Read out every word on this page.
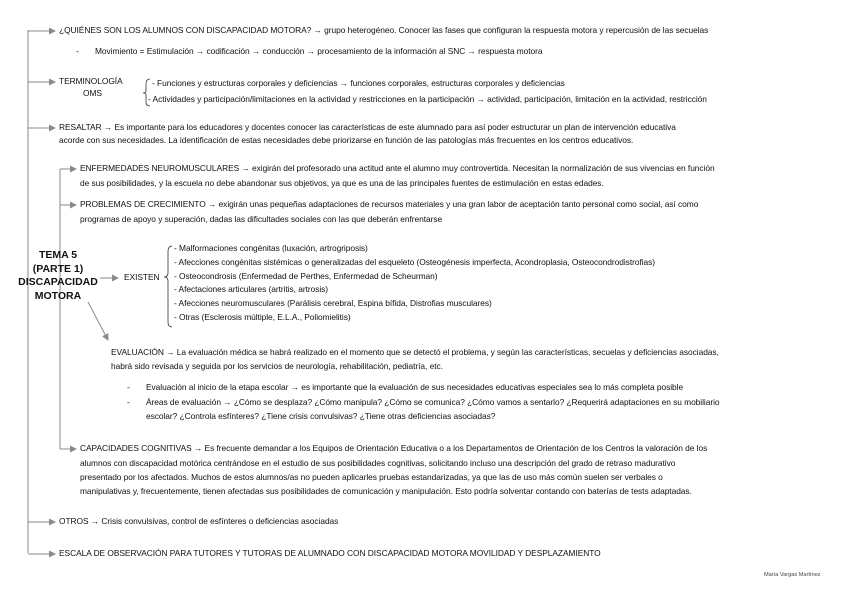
TEMA 5
(PARTE 1)
DISCAPACIDAD
MOTORA
¿QUIÉNES SON LOS ALUMNOS CON DISCAPACIDAD MOTORA? → grupo heterogéneo. Conocer las fases que configuran la respuesta motora y repercusión de las secuelas
- Movimiento = Estimulación → codificación → conducción → procesamiento de la información al SNC → respuesta motora
TERMINOLOGÍA
OMS
- Funciones y estructuras corporales y deficiencias → funciones corporales, estructuras corporales y deficiencias
- Actividades y participación/limitaciones en la actividad y restricciones en la participación → actividad, participación, limitación en la actividad, restricción
RESALTAR → Es importante para los educadores y docentes conocer las características de este alumnado para así poder estructurar un plan de intervención educativa
acorde con sus necesidades. La identificación de estas necesidades debe priorizarse en función de las patologías más frecuentes en los centros educativos.
ENFERMEDADES NEUROMUSCULARES → exigirán del profesorado una actitud ante el alumno muy controvertida. Necesitan la normalización de sus vivencias en función
de sus posibilidades, y la escuela no debe abandonar sus objetivos, ya que es una de las principales fuentes de estimulación en estas edades.
PROBLEMAS DE CRECIMIENTO → exigirán unas pequeñas adaptaciones de recursos materiales y una gran labor de aceptación tanto personal como social, así como
programas de apoyo y superación, dadas las dificultades sociales con las que deberán enfrentarse
EXISTEN
- Malformaciones congénitas (luxación, artrogriposis)
- Afecciones congénitas sistémicas o generalizadas del esqueleto (Osteogénesis imperfecta, Acondroplasia, Osteocondrodistrofias)
- Osteocondrosis (Enfermedad de Perthes, Enfermedad de Scheurman)
- Afectaciones articulares (artritis, artrosis)
- Afecciones neuromusculares (Parálisis cerebral, Espina bífida, Distrofias musculares)
- Otras (Esclerosis múltiple, E.L.A., Poliomielitis)
EVALUACIÓN → La evaluación médica se habrá realizado en el momento que se detectó el problema, y según las características, secuelas y deficiencias asociadas,
habrá sido revisada y seguida por los servicios de neurología, rehabilitación, pediatría, etc.
- Evaluación al inicio de la etapa escolar → es importante que la evaluación de sus necesidades educativas especiales sea lo más completa posible
- Áreas de evaluación → ¿Cómo se desplaza? ¿Cómo manipula? ¿Cómo se comunica? ¿Cómo vamos a sentarlo? ¿Requerirá adaptaciones en su mobiliario
escolar? ¿Controla esfínteres? ¿Tiene crisis convulsivas? ¿Tiene otras deficiencias asociadas?
CAPACIDADES COGNITIVAS → Es frecuente demandar a los Equipos de Orientación Educativa o a los Departamentos de Orientación de los Centros la valoración de los
alumnos con discapacidad motórica centrándose en el estudio de sus posibilidades cognitivas, solicitando incluso una descripción del grado de retraso madurativo
presentado por los afectados. Muchos de estos alumnos/as no pueden aplicarles pruebas estandarizadas, ya que las de uso más común suelen ser verbales o
manipulativas y, frecuentemente, tienen afectadas sus posibilidades de comunicación y manipulación. Esto podría solventar contando con baterías de tests adaptadas.
OTROS → Crisis convulsivas, control de esfínteres o deficiencias asociadas
ESCALA DE OBSERVACIÓN PARA TUTORES Y TUTORAS DE ALUMNADO CON DISCAPACIDAD MOTORA MOVILIDAD Y DESPLAZAMIENTO
María Vargas Martínez
